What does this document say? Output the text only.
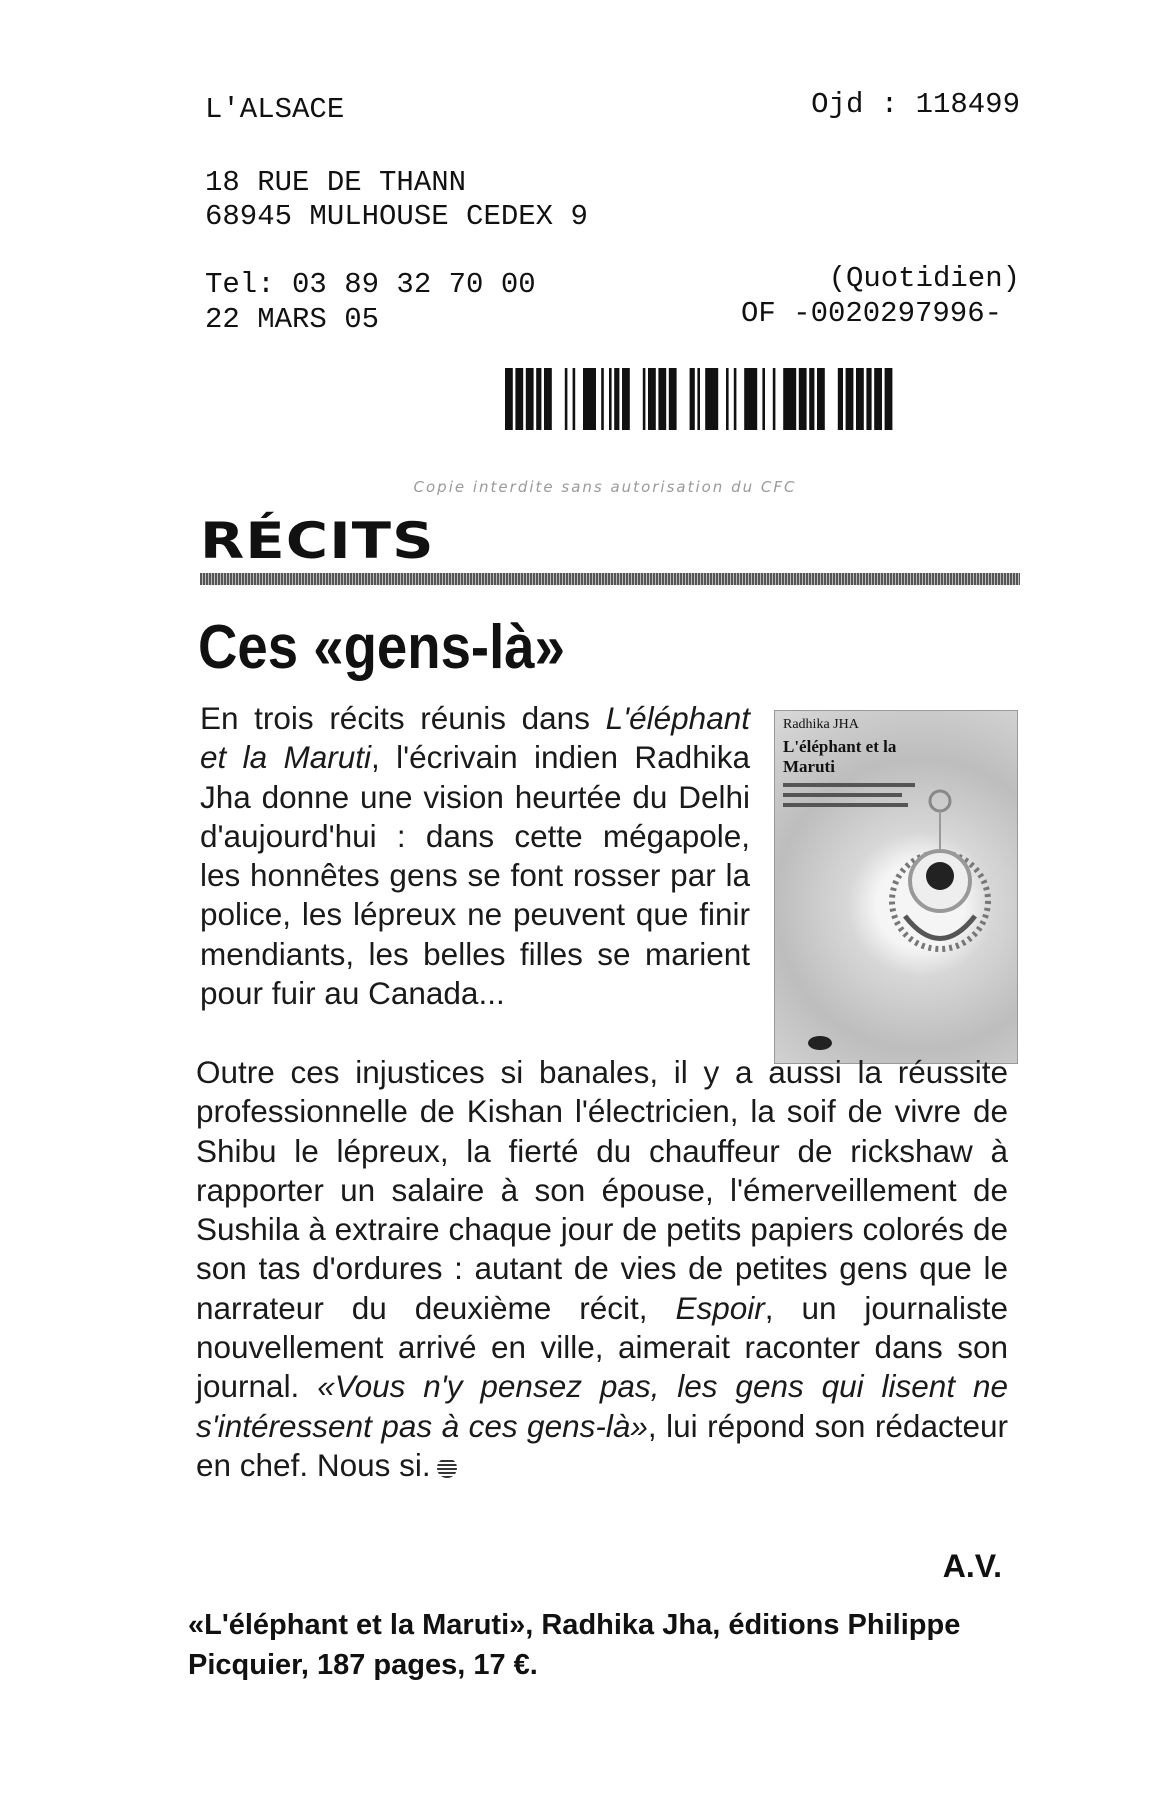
L'ALSACE	Ojd : 118499
18 RUE DE THANN
68945 MULHOUSE CEDEX 9
Tel: 03 89 32 70 00
22 MARS 05
(Quotidien)
OF -0020297996-
Copie interdite sans autorisation du CFC
RÉCITS
Ces «gens-là»
Radhika JHA
L'éléphant et la Maruti
En trois récits réunis dans L'éléphant et la Maruti, l'écrivain indien Radhika Jha donne une vision heurtée du Delhi d'aujourd'hui : dans cette mégapole, les honnêtes gens se font rosser par la police, les lépreux ne peuvent que finir mendiants, les belles filles se marient pour fuir au Canada...
Outre ces injustices si banales, il y a aussi la réussite professionnelle de Kishan l'électricien, la soif de vivre de Shibu le lépreux, la fierté du chauffeur de rickshaw à rapporter un salaire à son épouse, l'émerveillement de Sushila à extraire chaque jour de petits papiers colorés de son tas d'ordures : autant de vies de petites gens que le narrateur du deuxième récit, Espoir, un journaliste nouvellement arrivé en ville, aimerait raconter dans son journal. «Vous n'y pensez pas, les gens qui lisent ne s'intéressent pas à ces gens-là», lui répond son rédacteur en chef. Nous si.
A.V.
«L'éléphant et la Maruti», Radhika Jha, éditions Philippe Picquier, 187 pages, 17 €.
